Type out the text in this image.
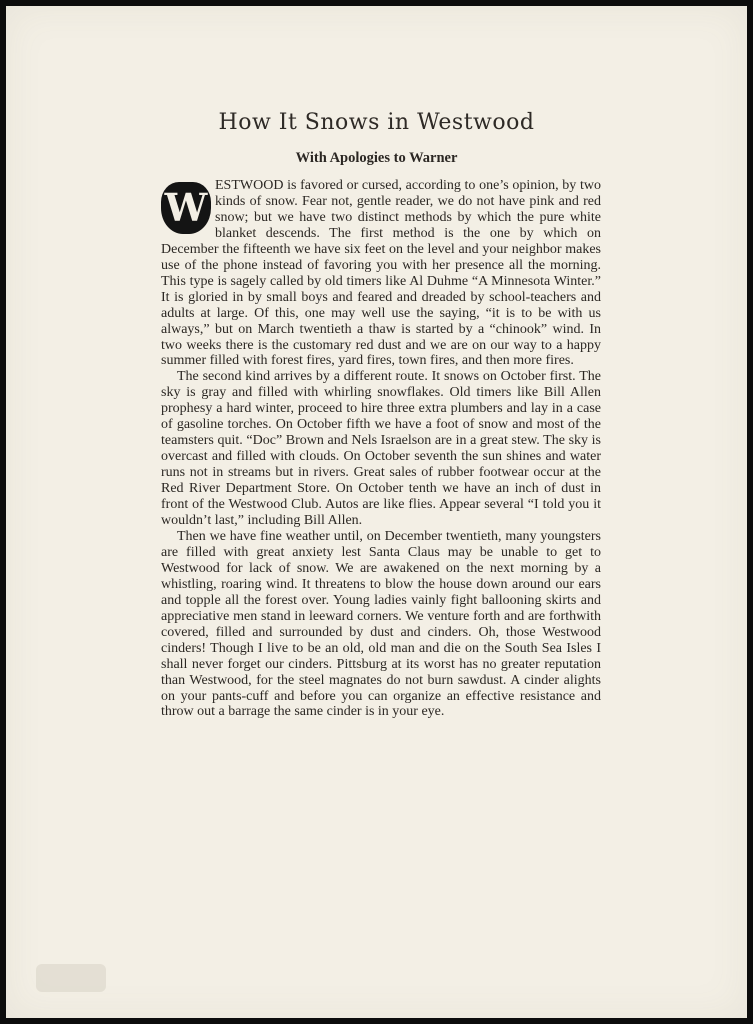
How It Snows in Westwood
With Apologies to Warner

W ESTWOOD is favored or cursed, according to one’s opinion, by two kinds of snow. Fear not, gentle reader, we do not have pink and red snow; but we have two distinct methods by which the pure white blanket descends. The first method is the one by which on December the fifteenth we have six feet on the level and your neighbor makes use of the phone instead of favoring you with her presence all the morning. This type is sagely called by old timers like Al Duhme “A Minnesota Winter.” It is gloried in by small boys and feared and dreaded by school-teachers and adults at large. Of this, one may well use the saying, “it is to be with us always,” but on March twentieth a thaw is started by a “chinook” wind. In two weeks there is the customary red dust and we are on our way to a happy summer filled with forest fires, yard fires, town fires, and then more fires.

The second kind arrives by a different route. It snows on October first. The sky is gray and filled with whirling snowflakes. Old timers like Bill Allen prophesy a hard winter, proceed to hire three extra plumbers and lay in a case of gasoline torches. On October fifth we have a foot of snow and most of the teamsters quit. “Doc” Brown and Nels Israelson are in a great stew. The sky is overcast and filled with clouds. On October seventh the sun shines and water runs not in streams but in rivers. Great sales of rubber footwear occur at the Red River Department Store. On October tenth we have an inch of dust in front of the Westwood Club. Autos are like flies. Appear several “I told you it wouldn’t last,” including Bill Allen.

Then we have fine weather until, on December twentieth, many youngsters are filled with great anxiety lest Santa Claus may be unable to get to Westwood for lack of snow. We are awakened on the next morning by a whistling, roaring wind. It threatens to blow the house down around our ears and topple all the forest over. Young ladies vainly fight ballooning skirts and appreciative men stand in leeward corners. We venture forth and are forthwith covered, filled and surrounded by dust and cinders. Oh, those Westwood cinders! Though I live to be an old, old man and die on the South Sea Isles I shall never forget our cinders. Pittsburg at its worst has no greater reputation than Westwood, for the steel magnates do not burn sawdust. A cinder alights on your pants-cuff and before you can organize an effective resistance and throw out a barrage the same cinder is in your eye.
